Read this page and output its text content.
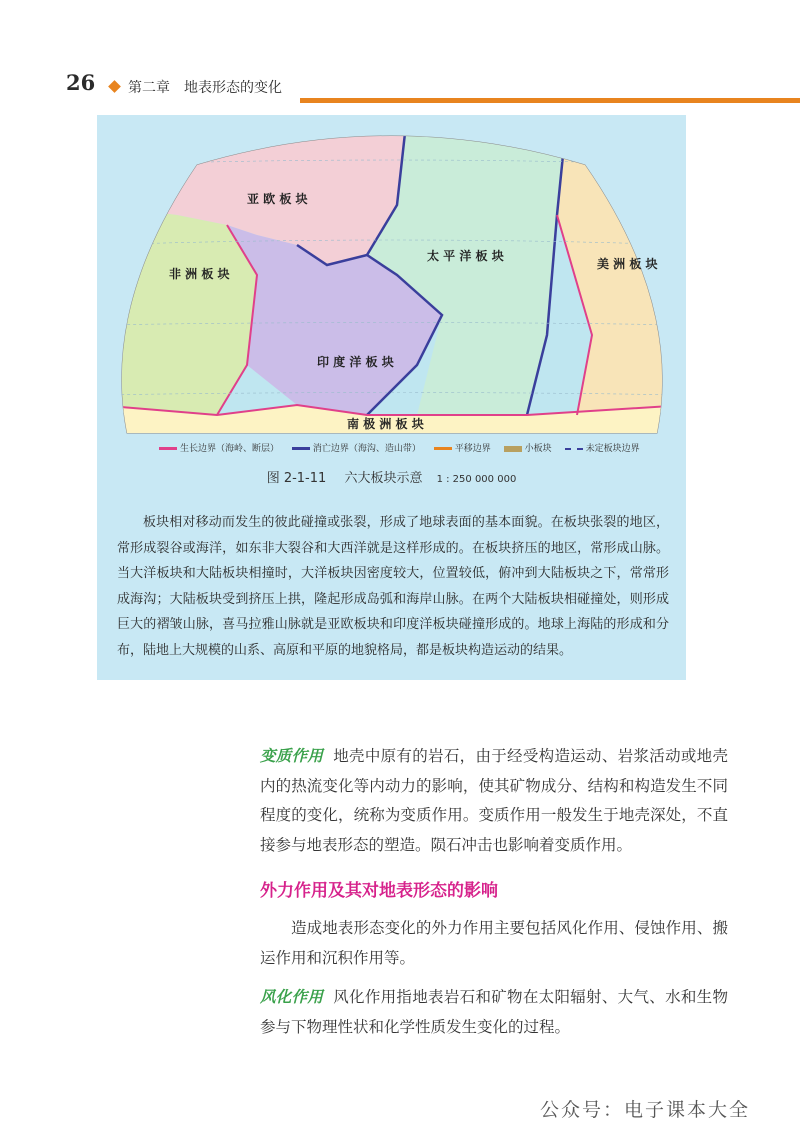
26 第二章 地表形态的变化
亚 欧 板 块
非 洲 板 块
印 度 洋 板 块
太 平 洋 板 块
美 洲 板 块
南 极 洲 板 块
生长边界（海岭、断层）	消亡边界（海沟、造山带）	平移边界	小板块	未定板块边界
图 2-1-11 六大板块示意 1 : 250 000 000
板块相对移动而发生的彼此碰撞或张裂，形成了地球表面的基本面貌。在板块张裂的地区，常形成裂谷或海洋，如东非大裂谷和大西洋就是这样形成的。在板块挤压的地区，常形成山脉。当大洋板块和大陆板块相撞时，大洋板块因密度较大，位置较低，俯冲到大陆板块之下，常常形成海沟；大陆板块受到挤压上拱，隆起形成岛弧和海岸山脉。在两个大陆板块相碰撞处，则形成巨大的褶皱山脉，喜马拉雅山脉就是亚欧板块和印度洋板块碰撞形成的。地球上海陆的形成和分布，陆地上大规模的山系、高原和平原的地貌格局，都是板块构造运动的结果。
变质作用 地壳中原有的岩石，由于经受构造运动、岩浆活动或地壳内的热流变化等内动力的影响，使其矿物成分、结构和构造发生不同程度的变化，统称为变质作用。变质作用一般发生于地壳深处，不直接参与地表形态的塑造。陨石冲击也影响着变质作用。
外力作用及其对地表形态的影响
造成地表形态变化的外力作用主要包括风化作用、侵蚀作用、搬运作用和沉积作用等。
风化作用 风化作用指地表岩石和矿物在太阳辐射、大气、水和生物参与下物理性状和化学性质发生变化的过程。
公众号：电子课本大全
